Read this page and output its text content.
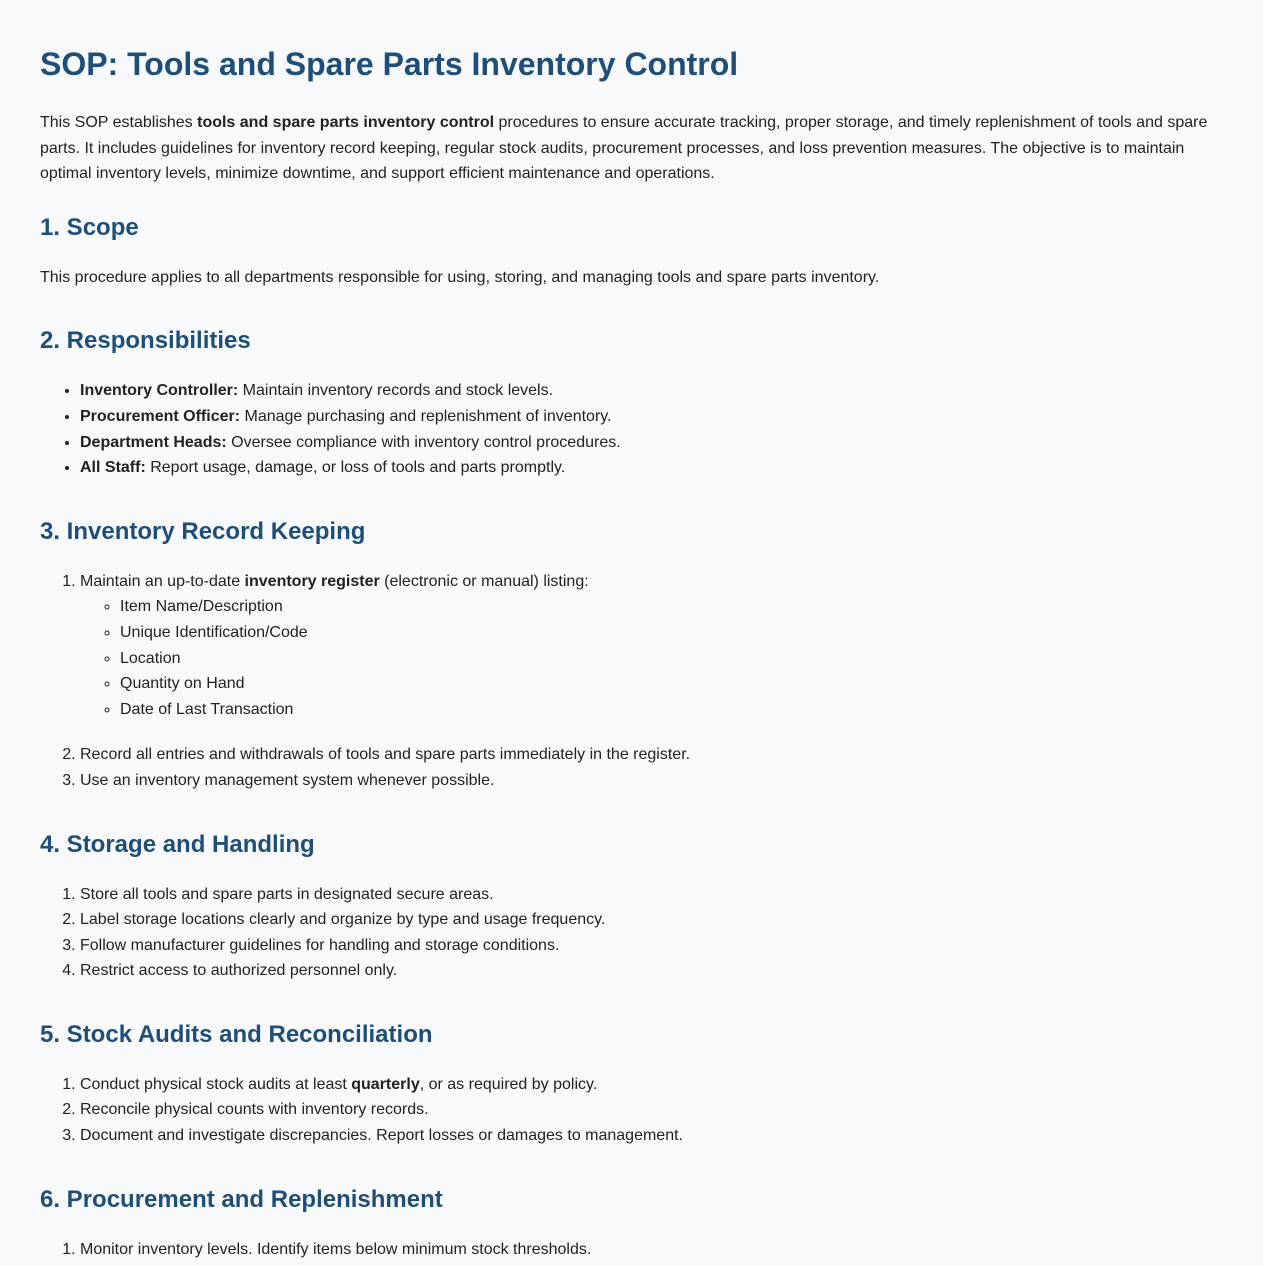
SOP: Tools and Spare Parts Inventory Control

This SOP establishes tools and spare parts inventory control procedures to ensure accurate tracking, proper storage, and timely replenishment of tools and spare parts. It includes guidelines for inventory record keeping, regular stock audits, procurement processes, and loss prevention measures. The objective is to maintain optimal inventory levels, minimize downtime, and support efficient maintenance and operations.

1. Scope

This procedure applies to all departments responsible for using, storing, and managing tools and spare parts inventory.

2. Responsibilities
• Inventory Controller: Maintain inventory records and stock levels.
• Procurement Officer: Manage purchasing and replenishment of inventory.
• Department Heads: Oversee compliance with inventory control procedures.
• All Staff: Report usage, damage, or loss of tools and parts promptly.
3. Inventory Record Keeping
1. Maintain an up-to-date inventory register (electronic or manual) listing:
◦ Item Name/Description
◦ Unique Identification/Code
◦ Location
◦ Quantity on Hand
◦ Date of Last Transaction
2. Record all entries and withdrawals of tools and spare parts immediately in the register.
3. Use an inventory management system whenever possible.
4. Storage and Handling
1. Store all tools and spare parts in designated secure areas.
2. Label storage locations clearly and organize by type and usage frequency.
3. Follow manufacturer guidelines for handling and storage conditions.
4. Restrict access to authorized personnel only.
5. Stock Audits and Reconciliation
1. Conduct physical stock audits at least quarterly, or as required by policy.
2. Reconcile physical counts with inventory records.
3. Document and investigate discrepancies. Report losses or damages to management.
6. Procurement and Replenishment
1. Monitor inventory levels. Identify items below minimum stock thresholds.
